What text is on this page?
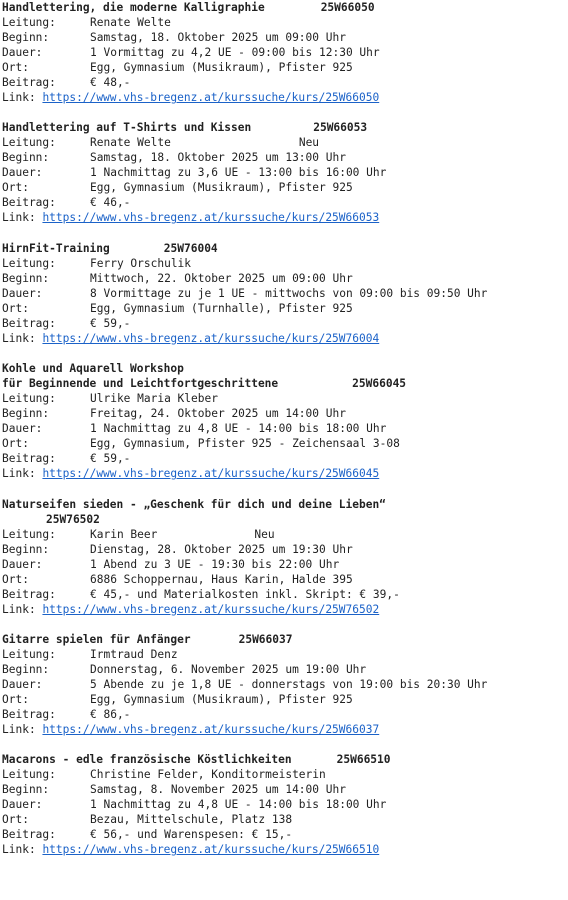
Handlettering, die moderne Kalligraphie	25W66050
Leitung:	Renate Welte
Beginn:	Samstag, 18. Oktober 2025 um 09:00 Uhr
Dauer:	1 Vormittag zu 4,2 UE - 09:00 bis 12:30 Uhr
Ort:	Egg, Gymnasium (Musikraum), Pfister 925
Beitrag:	€ 48,-
Link: https://www.vhs-bregenz.at/kurssuche/kurs/25W66050
Handlettering auf T-Shirts und Kissen	25W66053
Leitung:	Renate Welte	Neu
Beginn:	Samstag, 18. Oktober 2025 um 13:00 Uhr
Dauer:	1 Nachmittag zu 3,6 UE - 13:00 bis 16:00 Uhr
Ort:	Egg, Gymnasium (Musikraum), Pfister 925
Beitrag:	€ 46,-
Link: https://www.vhs-bregenz.at/kurssuche/kurs/25W66053
HirnFit-Training	25W76004
Leitung:	Ferry Orschulik
Beginn:	Mittwoch, 22. Oktober 2025 um 09:00 Uhr
Dauer:	8 Vormittage zu je 1 UE - mittwochs von 09:00 bis 09:50 Uhr
Ort:	Egg, Gymnasium (Turnhalle), Pfister 925
Beitrag:	€ 59,-
Link: https://www.vhs-bregenz.at/kurssuche/kurs/25W76004
Kohle und Aquarell Workshop
für Beginnende und Leichtfortgeschrittene	25W66045
Leitung:	Ulrike Maria Kleber
Beginn:	Freitag, 24. Oktober 2025 um 14:00 Uhr
Dauer:	1 Nachmittag zu 4,8 UE - 14:00 bis 18:00 Uhr
Ort:	Egg, Gymnasium, Pfister 925 - Zeichensaal 3-08
Beitrag:	€ 59,-
Link: https://www.vhs-bregenz.at/kurssuche/kurs/25W66045
Naturseifen sieden - „Geschenk für dich und deine Lieben“
25W76502
Leitung:	Karin Beer	Neu
Beginn:	Dienstag, 28. Oktober 2025 um 19:30 Uhr
Dauer:	1 Abend zu 3 UE - 19:30 bis 22:00 Uhr
Ort:	6886 Schoppernau, Haus Karin, Halde 395
Beitrag:	€ 45,- und Materialkosten inkl. Skript: € 39,-
Link: https://www.vhs-bregenz.at/kurssuche/kurs/25W76502
Gitarre spielen für Anfänger	25W66037
Leitung:	Irmtraud Denz
Beginn:	Donnerstag, 6. November 2025 um 19:00 Uhr
Dauer:	5 Abende zu je 1,8 UE - donnerstags von 19:00 bis 20:30 Uhr
Ort:	Egg, Gymnasium (Musikraum), Pfister 925
Beitrag:	€ 86,-
Link: https://www.vhs-bregenz.at/kurssuche/kurs/25W66037
Macarons - edle französische Köstlichkeiten	25W66510
Leitung:	Christine Felder, Konditormeisterin
Beginn:	Samstag, 8. November 2025 um 14:00 Uhr
Dauer:	1 Nachmittag zu 4,8 UE - 14:00 bis 18:00 Uhr
Ort:	Bezau, Mittelschule, Platz 138
Beitrag:	€ 56,- und Warenspesen: € 15,-
Link: https://www.vhs-bregenz.at/kurssuche/kurs/25W66510
